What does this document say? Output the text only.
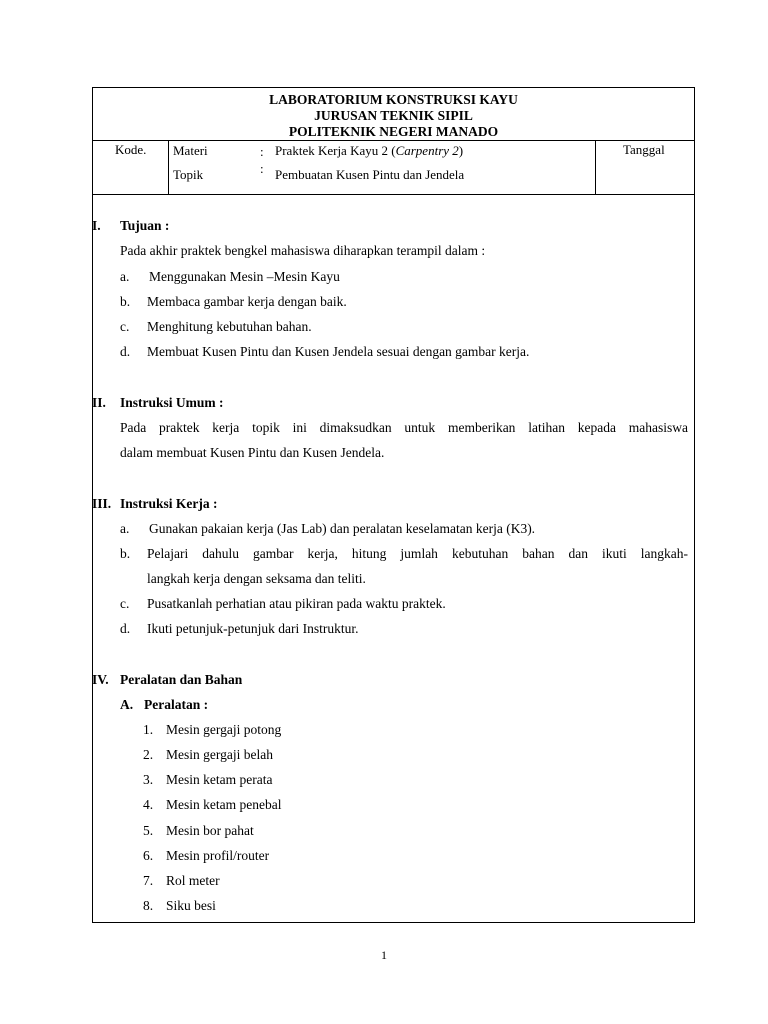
LABORATORIUM KONSTRUKSI KAYU
JURUSAN TEKNIK SIPIL
POLITEKNIK NEGERI MANADO
Kode. Materi
Topik
:
:
Praktek Kerja Kayu 2 (Carpentry 2)
Pembuatan Kusen Pintu dan Jendela
Tanggal
I. Tujuan :
Pada akhir praktek bengkel mahasiswa diharapkan terampil dalam :
a. Menggunakan Mesin –Mesin Kayu
b. Membaca gambar kerja dengan baik.
c. Menghitung kebutuhan bahan.
d. Membuat Kusen Pintu dan Kusen Jendela sesuai dengan gambar kerja.
II. Instruksi Umum :
Pada praktek kerja topik ini dimaksudkan untuk memberikan latihan kepada mahasiswa
dalam membuat Kusen Pintu dan Kusen Jendela.
III. Instruksi Kerja :
a. Gunakan pakaian kerja (Jas Lab) dan peralatan keselamatan kerja (K3).
b. Pelajari dahulu gambar kerja, hitung jumlah kebutuhan bahan dan ikuti langkah-
langkah kerja dengan seksama dan teliti.
c. Pusatkanlah perhatian atau pikiran pada waktu praktek.
d. Ikuti petunjuk-petunjuk dari Instruktur.
IV. Peralatan dan Bahan
A. Peralatan :
1. Mesin gergaji potong
2. Mesin gergaji belah
3. Mesin ketam perata
4. Mesin ketam penebal
5. Mesin bor pahat
6. Mesin profil/router
7. Rol meter
8. Siku besi
1
